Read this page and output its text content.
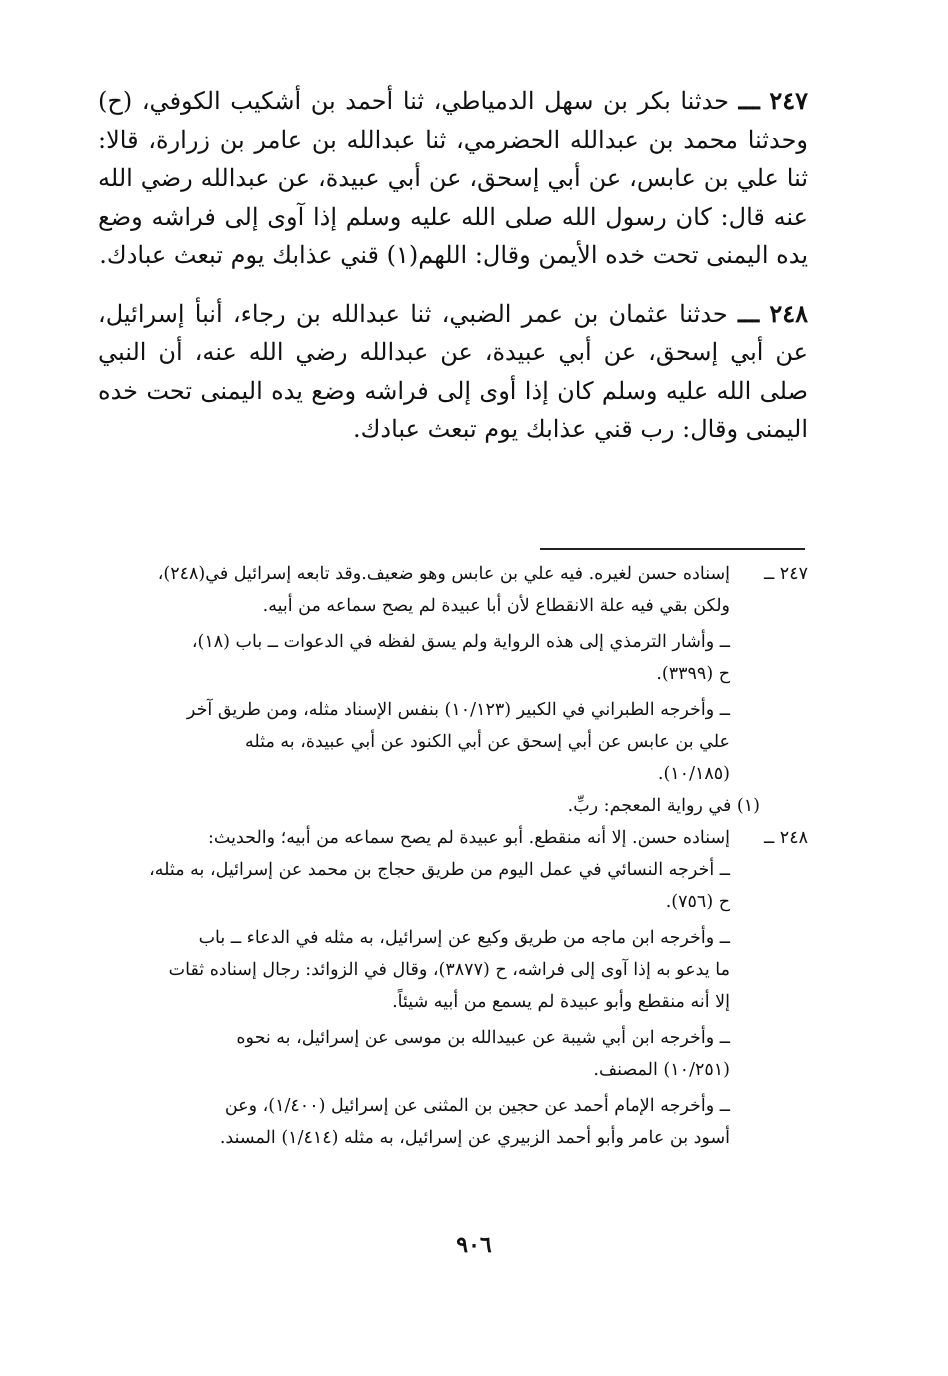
٢٤٧ ـــ حدثنا بكر بن سهل الدمياطي، ثنا أحمد بن أشكيب الكوفي، (ح) وحدثنا محمد بن عبدالله الحضرمي، ثنا عبدالله بن عامر بن زرارة، قالا: ثنا علي بن عابس، عن أبي إسحق، عن أبي عبيدة، عن عبدالله رضي الله عنه قال: كان رسول الله صلى الله عليه وسلم إذا آوى إلى فراشه وضع يده اليمنى تحت خده الأيمن وقال: اللهم(١) قني عذابك يوم تبعث عبادك.

٢٤٨ ـــ حدثنا عثمان بن عمر الضبي، ثنا عبدالله بن رجاء، أنبأ إسرائيل، عن أبي إسحق، عن أبي عبيدة، عن عبدالله رضي الله عنه، أن النبي صلى الله عليه وسلم كان إذا أوى إلى فراشه وضع يده اليمنى تحت خده اليمنى وقال: رب قني عذابك يوم تبعث عبادك.

٢٤٧ ــ

إسناده حسن لغيره. فيه علي بن عابس وهو ضعيف.وقد تابعه إسرائيل في(٢٤٨)،

ولكن بقي فيه علة الانقطاع لأن أبا عبيدة لم يصح سماعه من أبيه.

ــ وأشار الترمذي إلى هذه الرواية ولم يسق لفظه في الدعوات ــ باب (١٨)،

ح (٣٣٩٩).

ــ وأخرجه الطبراني في الكبير (١٠/١٢٣) بنفس الإسناد مثله، ومن طريق آخر

علي بن عابس عن أبي إسحق عن أبي الكنود عن أبي عبيدة، به مثله

(١٠/١٨٥).

(١) في رواية المعجم: ربِّ.

٢٤٨ ــ

إسناده حسن. إلا أنه منقطع. أبو عبيدة لم يصح سماعه من أبيه؛ والحديث:

ــ أخرجه النسائي في عمل اليوم من طريق حجاج بن محمد عن إسرائيل، به مثله،

ح (٧٥٦).

ــ وأخرجه ابن ماجه من طريق وكيع عن إسرائيل، به مثله في الدعاء ــ باب

ما يدعو به إذا آوى إلى فراشه، ح (٣٨٧٧)، وقال في الزوائد: رجال إسناده ثقات

إلا أنه منقطع وأبو عبيدة لم يسمع من أبيه شيئاً.

ــ وأخرجه ابن أبي شيبة عن عبيدالله بن موسى عن إسرائيل، به نحوه

(١٠/٢٥١) المصنف.

ــ وأخرجه الإمام أحمد عن حجين بن المثنى عن إسرائيل (١/٤٠٠)، وعن

أسود بن عامر وأبو أحمد الزبيري عن إسرائيل، به مثله (١/٤١٤) المسند.

٩٠٦
